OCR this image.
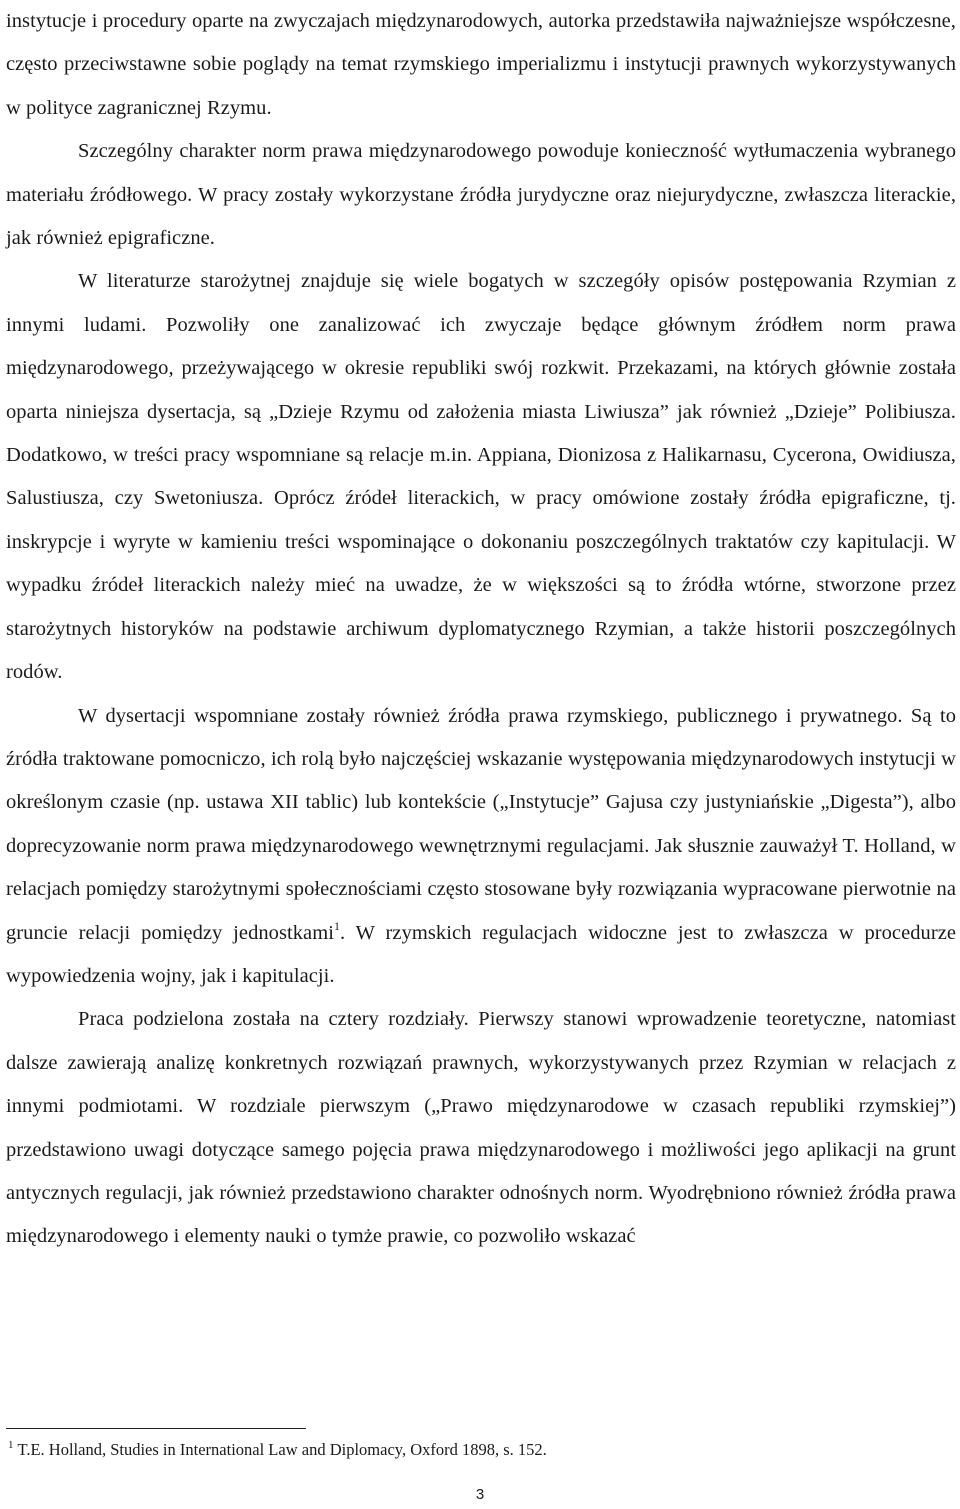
instytucje i procedury oparte na zwyczajach międzynarodowych, autorka przedstawiła najważniejsze współczesne, często przeciwstawne sobie poglądy na temat rzymskiego imperializmu i instytucji prawnych wykorzystywanych w polityce zagranicznej Rzymu.

Szczególny charakter norm prawa międzynarodowego powoduje konieczność wytłumaczenia wybranego materiału źródłowego. W pracy zostały wykorzystane źródła jurydyczne oraz niejurydyczne, zwłaszcza literackie, jak również epigraficzne.

W literaturze starożytnej znajduje się wiele bogatych w szczegóły opisów postępowania Rzymian z innymi ludami. Pozwoliły one zanalizować ich zwyczaje będące głównym źródłem norm prawa międzynarodowego, przeżywającego w okresie republiki swój rozkwit. Przekazami, na których głównie została oparta niniejsza dysertacja, są „Dzieje Rzymu od założenia miasta Liwiusza” jak również „Dzieje” Polibiusza. Dodatkowo, w treści pracy wspomniane są relacje m.in. Appiana, Dionizosa z Halikarnasu, Cycerona, Owidiusza, Salustiusza, czy Swetoniusza. Oprócz źródeł literackich, w pracy omówione zostały źródła epigraficzne, tj. inskrypcje i wyryte w kamieniu treści wspominające o dokonaniu poszczególnych traktatów czy kapitulacji. W wypadku źródeł literackich należy mieć na uwadze, że w większości są to źródła wtórne, stworzone przez starożytnych historyków na podstawie archiwum dyplomatycznego Rzymian, a także historii poszczególnych rodów.

W dysertacji wspomniane zostały również źródła prawa rzymskiego, publicznego i prywatnego. Są to źródła traktowane pomocniczo, ich rolą było najczęściej wskazanie występowania międzynarodowych instytucji w określonym czasie (np. ustawa XII tablic) lub kontekście („Instytucje” Gajusa czy justyniańskie „Digesta”), albo doprecyzowanie norm prawa międzynarodowego wewnętrznymi regulacjami. Jak słusznie zauważył T. Holland, w relacjach pomiędzy starożytnymi społecznościami często stosowane były rozwiązania wypracowane pierwotnie na gruncie relacji pomiędzy jednostkami$^1$. W rzymskich regulacjach widoczne jest to zwłaszcza w procedurze wypowiedzenia wojny, jak i kapitulacji.

Praca podzielona została na cztery rozdziały. Pierwszy stanowi wprowadzenie teoretyczne, natomiast dalsze zawierają analizę konkretnych rozwiązań prawnych, wykorzystywanych przez Rzymian w relacjach z innymi podmiotami. W rozdziale pierwszym („Prawo międzynarodowe w czasach republiki rzymskiej”) przedstawiono uwagi dotyczące samego pojęcia prawa międzynarodowego i możliwości jego aplikacji na grunt antycznych regulacji, jak również przedstawiono charakter odnośnych norm. Wyodrębniono również źródła prawa międzynarodowego i elementy nauki o tymże prawie, co pozwoliło wskazać

$^1$ T.E. Holland, Studies in International Law and Diplomacy, Oxford 1898, s. 152.

3
